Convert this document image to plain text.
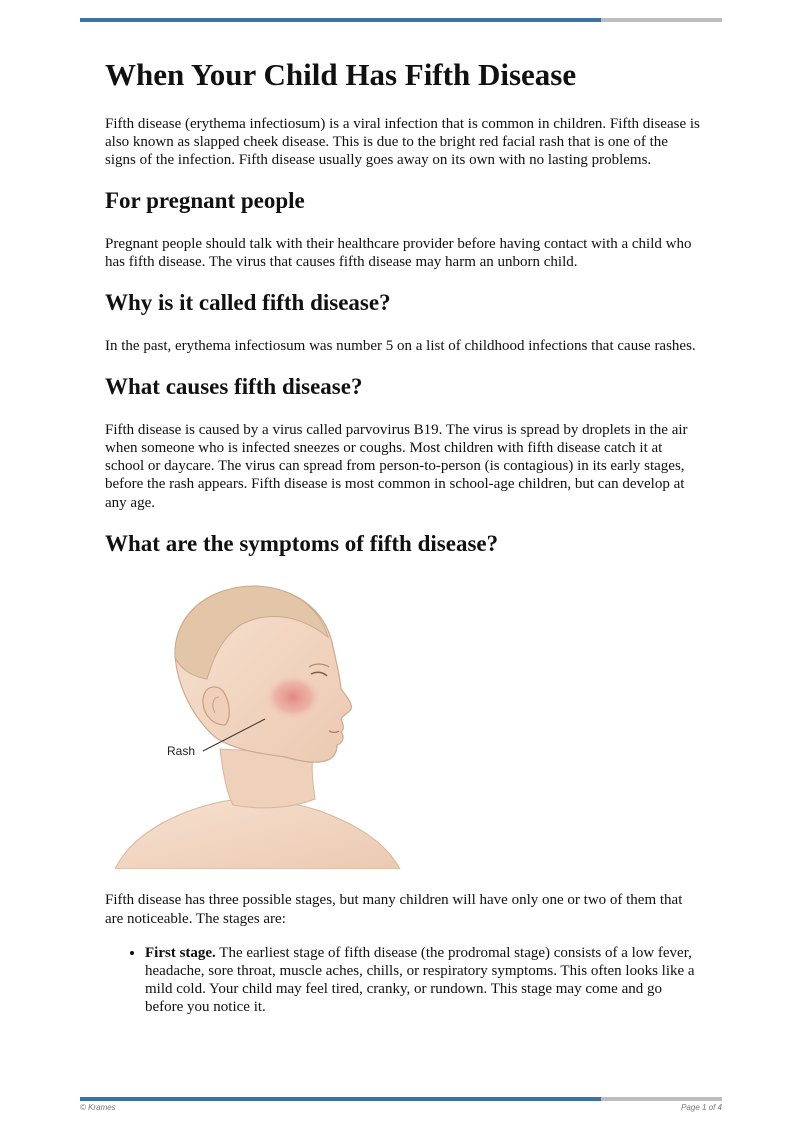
When Your Child Has Fifth Disease

Fifth disease (erythema infectiosum) is a viral infection that is common in children. Fifth disease is also known as slapped cheek disease. This is due to the bright red facial rash that is one of the signs of the infection. Fifth disease usually goes away on its own with no lasting problems.

For pregnant people

Pregnant people should talk with their healthcare provider before having contact with a child who has fifth disease. The virus that causes fifth disease may harm an unborn child.

Why is it called fifth disease?

In the past, erythema infectiosum was number 5 on a list of childhood infections that cause rashes.

What causes fifth disease?

Fifth disease is caused by a virus called parvovirus B19. The virus is spread by droplets in the air when someone who is infected sneezes or coughs. Most children with fifth disease catch it at school or daycare. The virus can spread from person-to-person (is contagious) in its early stages, before the rash appears. Fifth disease is most common in school-age children, but can develop at any age.

What are the symptoms of fifth disease?
Rash

Fifth disease has three possible stages, but many children will have only one or two of them that are noticeable. The stages are:

• First stage. The earliest stage of fifth disease (the prodromal stage) consists of a low fever, headache, sore throat, muscle aches, chills, or respiratory symptoms. This often looks like a mild cold. Your child may feel tired, cranky, or rundown. This stage may come and go before you notice it.
© Krames	Page 1 of 4
